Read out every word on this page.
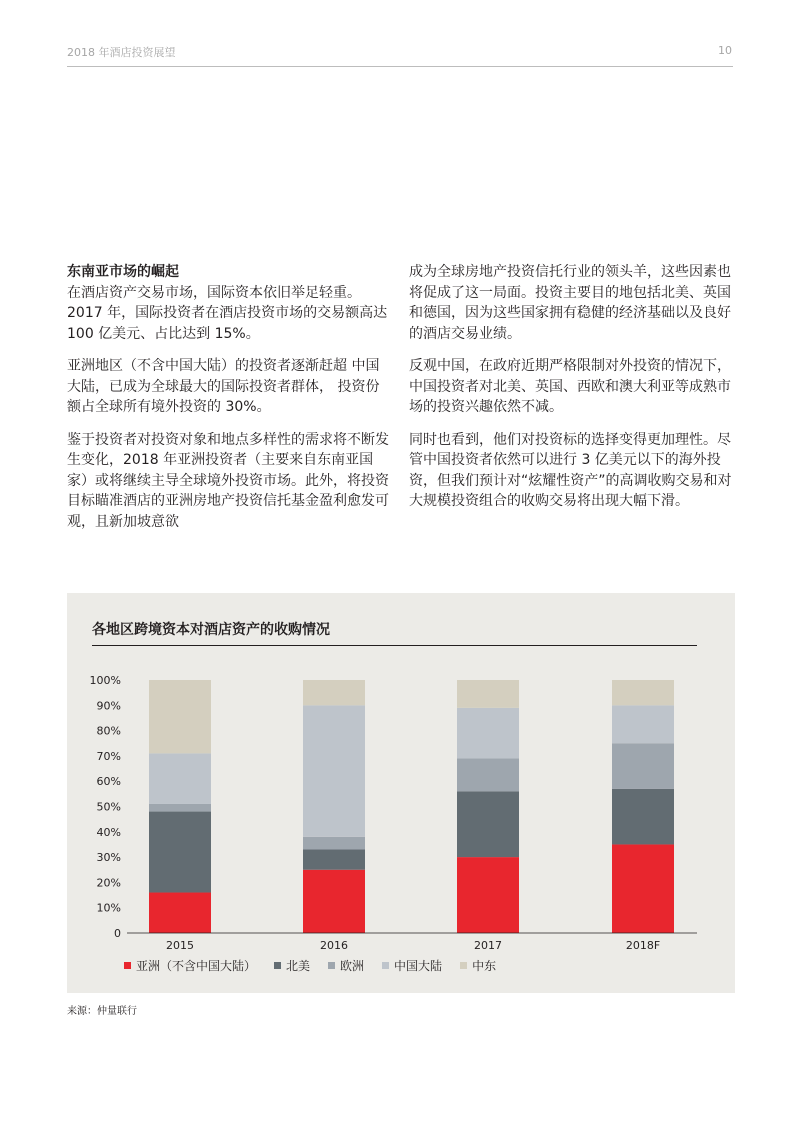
2018 年酒店投资展望	10
东南亚市场的崛起

在酒店资产交易市场，国际资本依旧举足轻重。 2017 年，国际投资者在酒店投资市场的交易额高达 100 亿美元、占比达到 15%。

亚洲地区（不含中国大陆）的投资者逐渐赶超 中国大陆，已成为全球最大的国际投资者群体， 投资份额占全球所有境外投资的 30%。

鉴于投资者对投资对象和地点多样性的需求将不断发生变化，2018 年亚洲投资者（主要来自东南亚国家）或将继续主导全球境外投资市场。此外，将投资目标瞄准酒店的亚洲房地产投资信托基金盈利愈发可观，且新加坡意欲

成为全球房地产投资信托行业的领头羊，这些因素也将促成了这一局面。投资主要目的地包括北美、英国和德国，因为这些国家拥有稳健的经济基础以及良好的酒店交易业绩。

反观中国，在政府近期严格限制对外投资的情况下，中国投资者对北美、英国、西欧和澳大利亚等成熟市场的投资兴趣依然不减。

同时也看到，他们对投资标的选择变得更加理性。尽管中国投资者依然可以进行 3 亿美元以下的海外投资，但我们预计对“炫耀性资产”的高调收购交易和对大规模投资组合的收购交易将出现大幅下滑。

各地区跨境资本对酒店资产的收购情况
0
10%
20%
30%
40%
50%
60%
70%
80%
90%
100%
2015	2016	2017	2018F
亚洲（不含中国大陆）	北美	欧洲	中国大陆	中东
来源：仲量联行
